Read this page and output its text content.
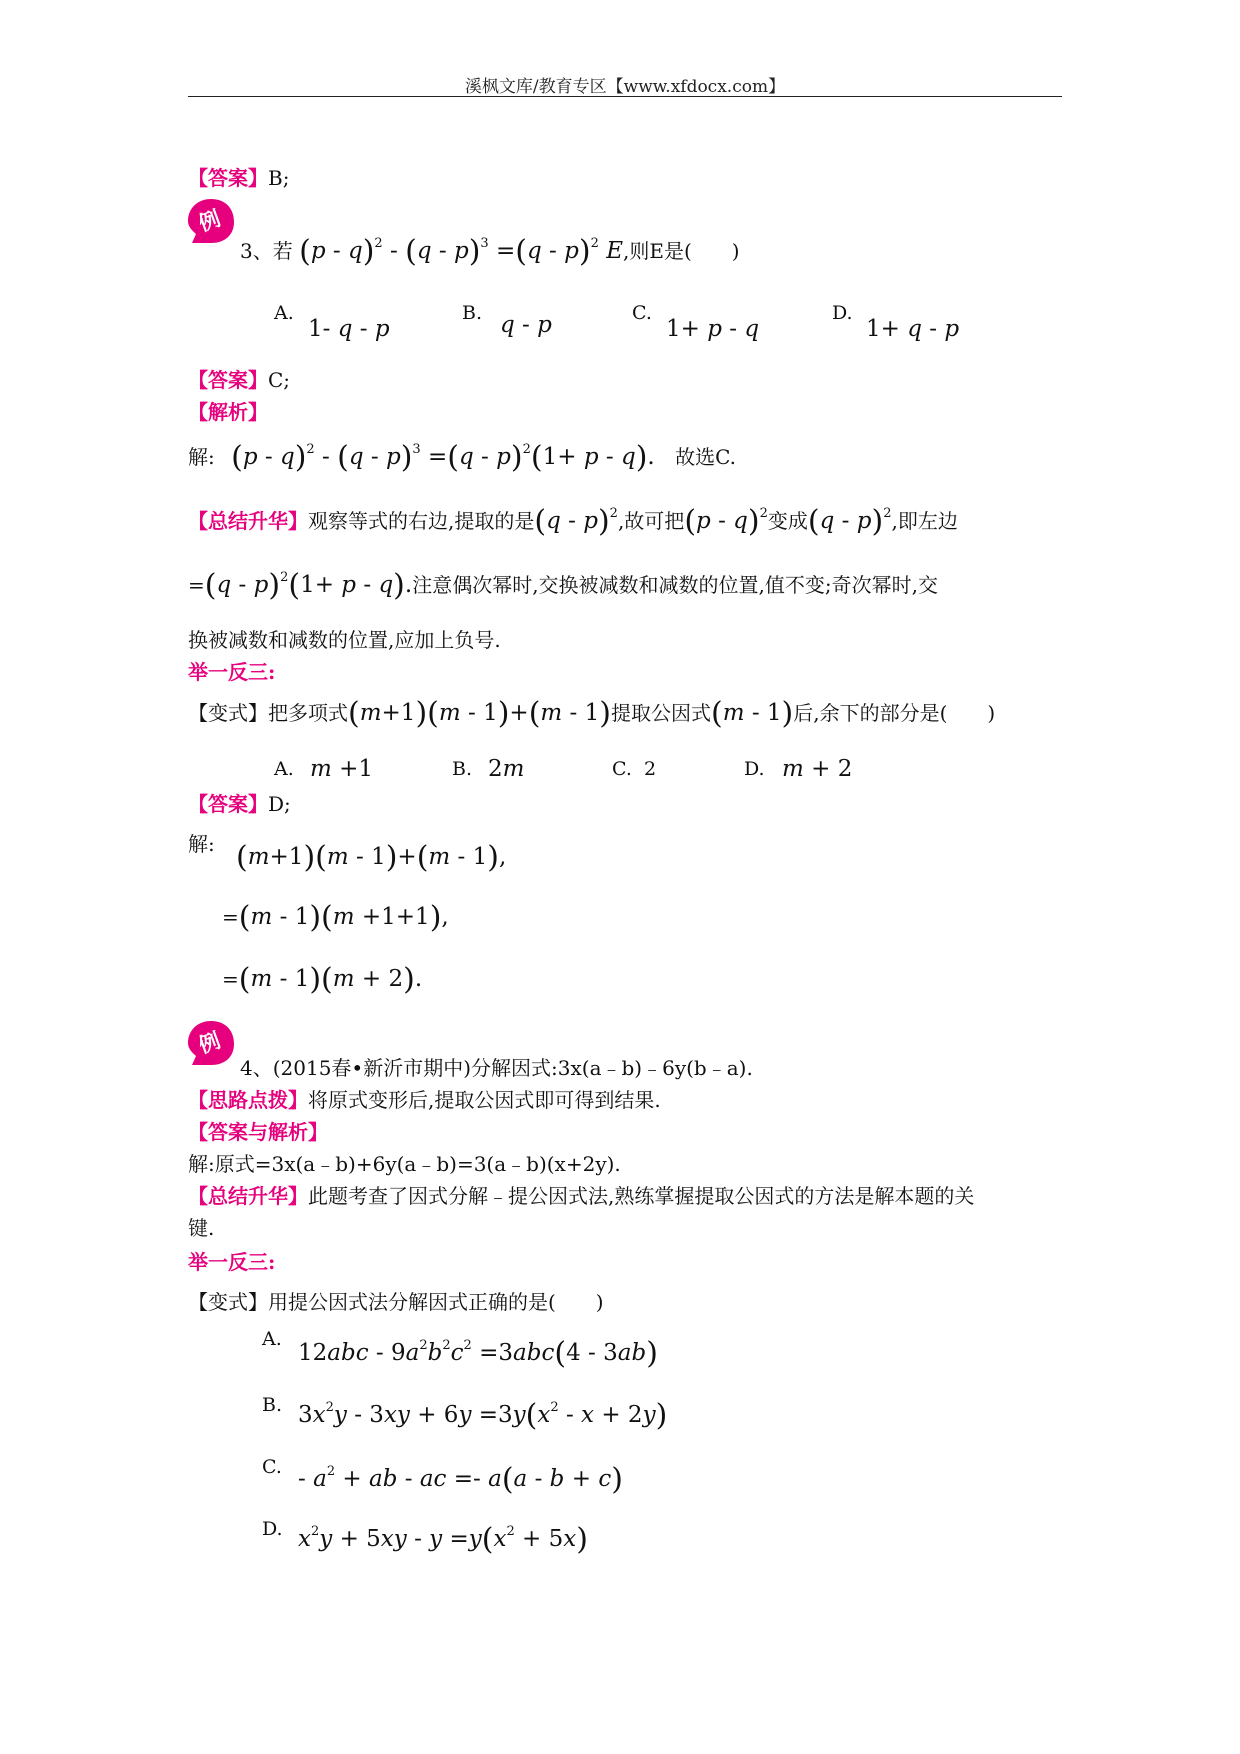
溪枫文库/教育专区【www.xfdocx.com】
【答案】B;
例
3、若 (p - q)$^2$ - (q - p)$^3$ =(q - p)$^2$ E,则E是(　　)
A.
1- q - p
B. q - p	C.
1+ p - q
D.
1+ q - p
【答案】C;
【解析】
解: (p - q)$^2$ - (q - p)$^3$ =(q - p)$^2$(1+ p - q). 故选C.
【总结升华】观察等式的右边,提取的是(q - p)$^2$,故可把(p - q)$^2$变成(q - p)$^2$,即左边
=(q - p)$^2$(1+ p - q).注意偶次幂时,交换被减数和减数的位置,值不变;奇次幂时,交
换被减数和减数的位置,应加上负号.
举一反三:
【变式】把多项式(m+1)(m - 1)+(m - 1)提取公因式(m - 1)后,余下的部分是(　　)
A. m +1	B. 2m	C. 2	D. m + 2
【答案】D;
解: (m+1)(m - 1)+(m - 1),
=(m - 1)(m +1+1),
=(m - 1)(m + 2).
例
4、(2015春•新沂市期中)分解因式:3x(a﹣b)﹣6y(b﹣a).
【思路点拨】将原式变形后,提取公因式即可得到结果.
【答案与解析】
解:原式=3x(a﹣b)+6y(a﹣b)=3(a﹣b)(x+2y).
【总结升华】此题考查了因式分解﹣提公因式法,熟练掌握提取公因式的方法是解本题的关
键.
举一反三:
【变式】用提公因式法分解因式正确的是(　　)
A.
$12abc - 9a^2b^2c^2 =3abc(4 - 3ab)$
B. $3x^2y - 3xy + 6y =3y(x^2 - x + 2y)$
C. - $a^2$ + ab - ac =- a(a - b + c)
D. $x^2y + 5xy - y =y(x^2 + 5x)$
